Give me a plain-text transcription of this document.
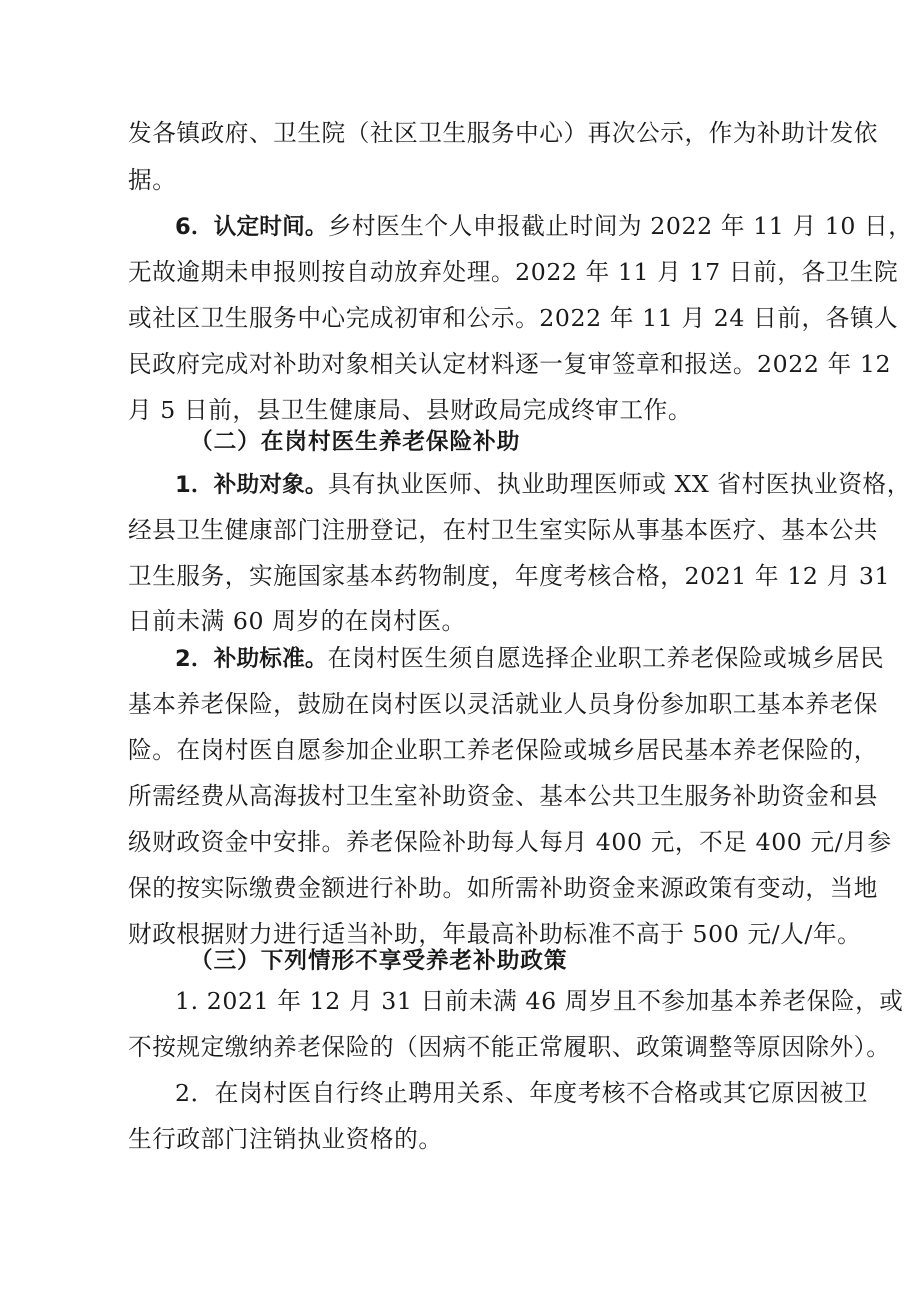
发各镇政府、卫生院（社区卫生服务中心）再次公示，作为补助计发依
据。
6．认定时间。乡村医生个人申报截止时间为 2022 年 11 月 10 日，
无故逾期未申报则按自动放弃处理。2022 年 11 月 17 日前，各卫生院
或社区卫生服务中心完成初审和公示。2022 年 11 月 24 日前，各镇人
民政府完成对补助对象相关认定材料逐一复审签章和报送。2022 年 12
月 5 日前，县卫生健康局、县财政局完成终审工作。
（二）在岗村医生养老保险补助
1．补助对象。具有执业医师、执业助理医师或 XX 省村医执业资格，
经县卫生健康部门注册登记，在村卫生室实际从事基本医疗、基本公共
卫生服务，实施国家基本药物制度，年度考核合格，2021 年 12 月 31
日前未满 60 周岁的在岗村医。
2．补助标准。在岗村医生须自愿选择企业职工养老保险或城乡居民
基本养老保险，鼓励在岗村医以灵活就业人员身份参加职工基本养老保
险。在岗村医自愿参加企业职工养老保险或城乡居民基本养老保险的，
所需经费从高海拔村卫生室补助资金、基本公共卫生服务补助资金和县
级财政资金中安排。养老保险补助每人每月 400 元，不足 400 元/月参
保的按实际缴费金额进行补助。如所需补助资金来源政策有变动，当地
财政根据财力进行适当补助，年最高补助标准不高于 500 元/人/年。
（三）下列情形不享受养老补助政策
1. 2021 年 12 月 31 日前未满 46 周岁且不参加基本养老保险，或
不按规定缴纳养老保险的（因病不能正常履职、政策调整等原因除外）。
2．在岗村医自行终止聘用关系、年度考核不合格或其它原因被卫
生行政部门注销执业资格的。
